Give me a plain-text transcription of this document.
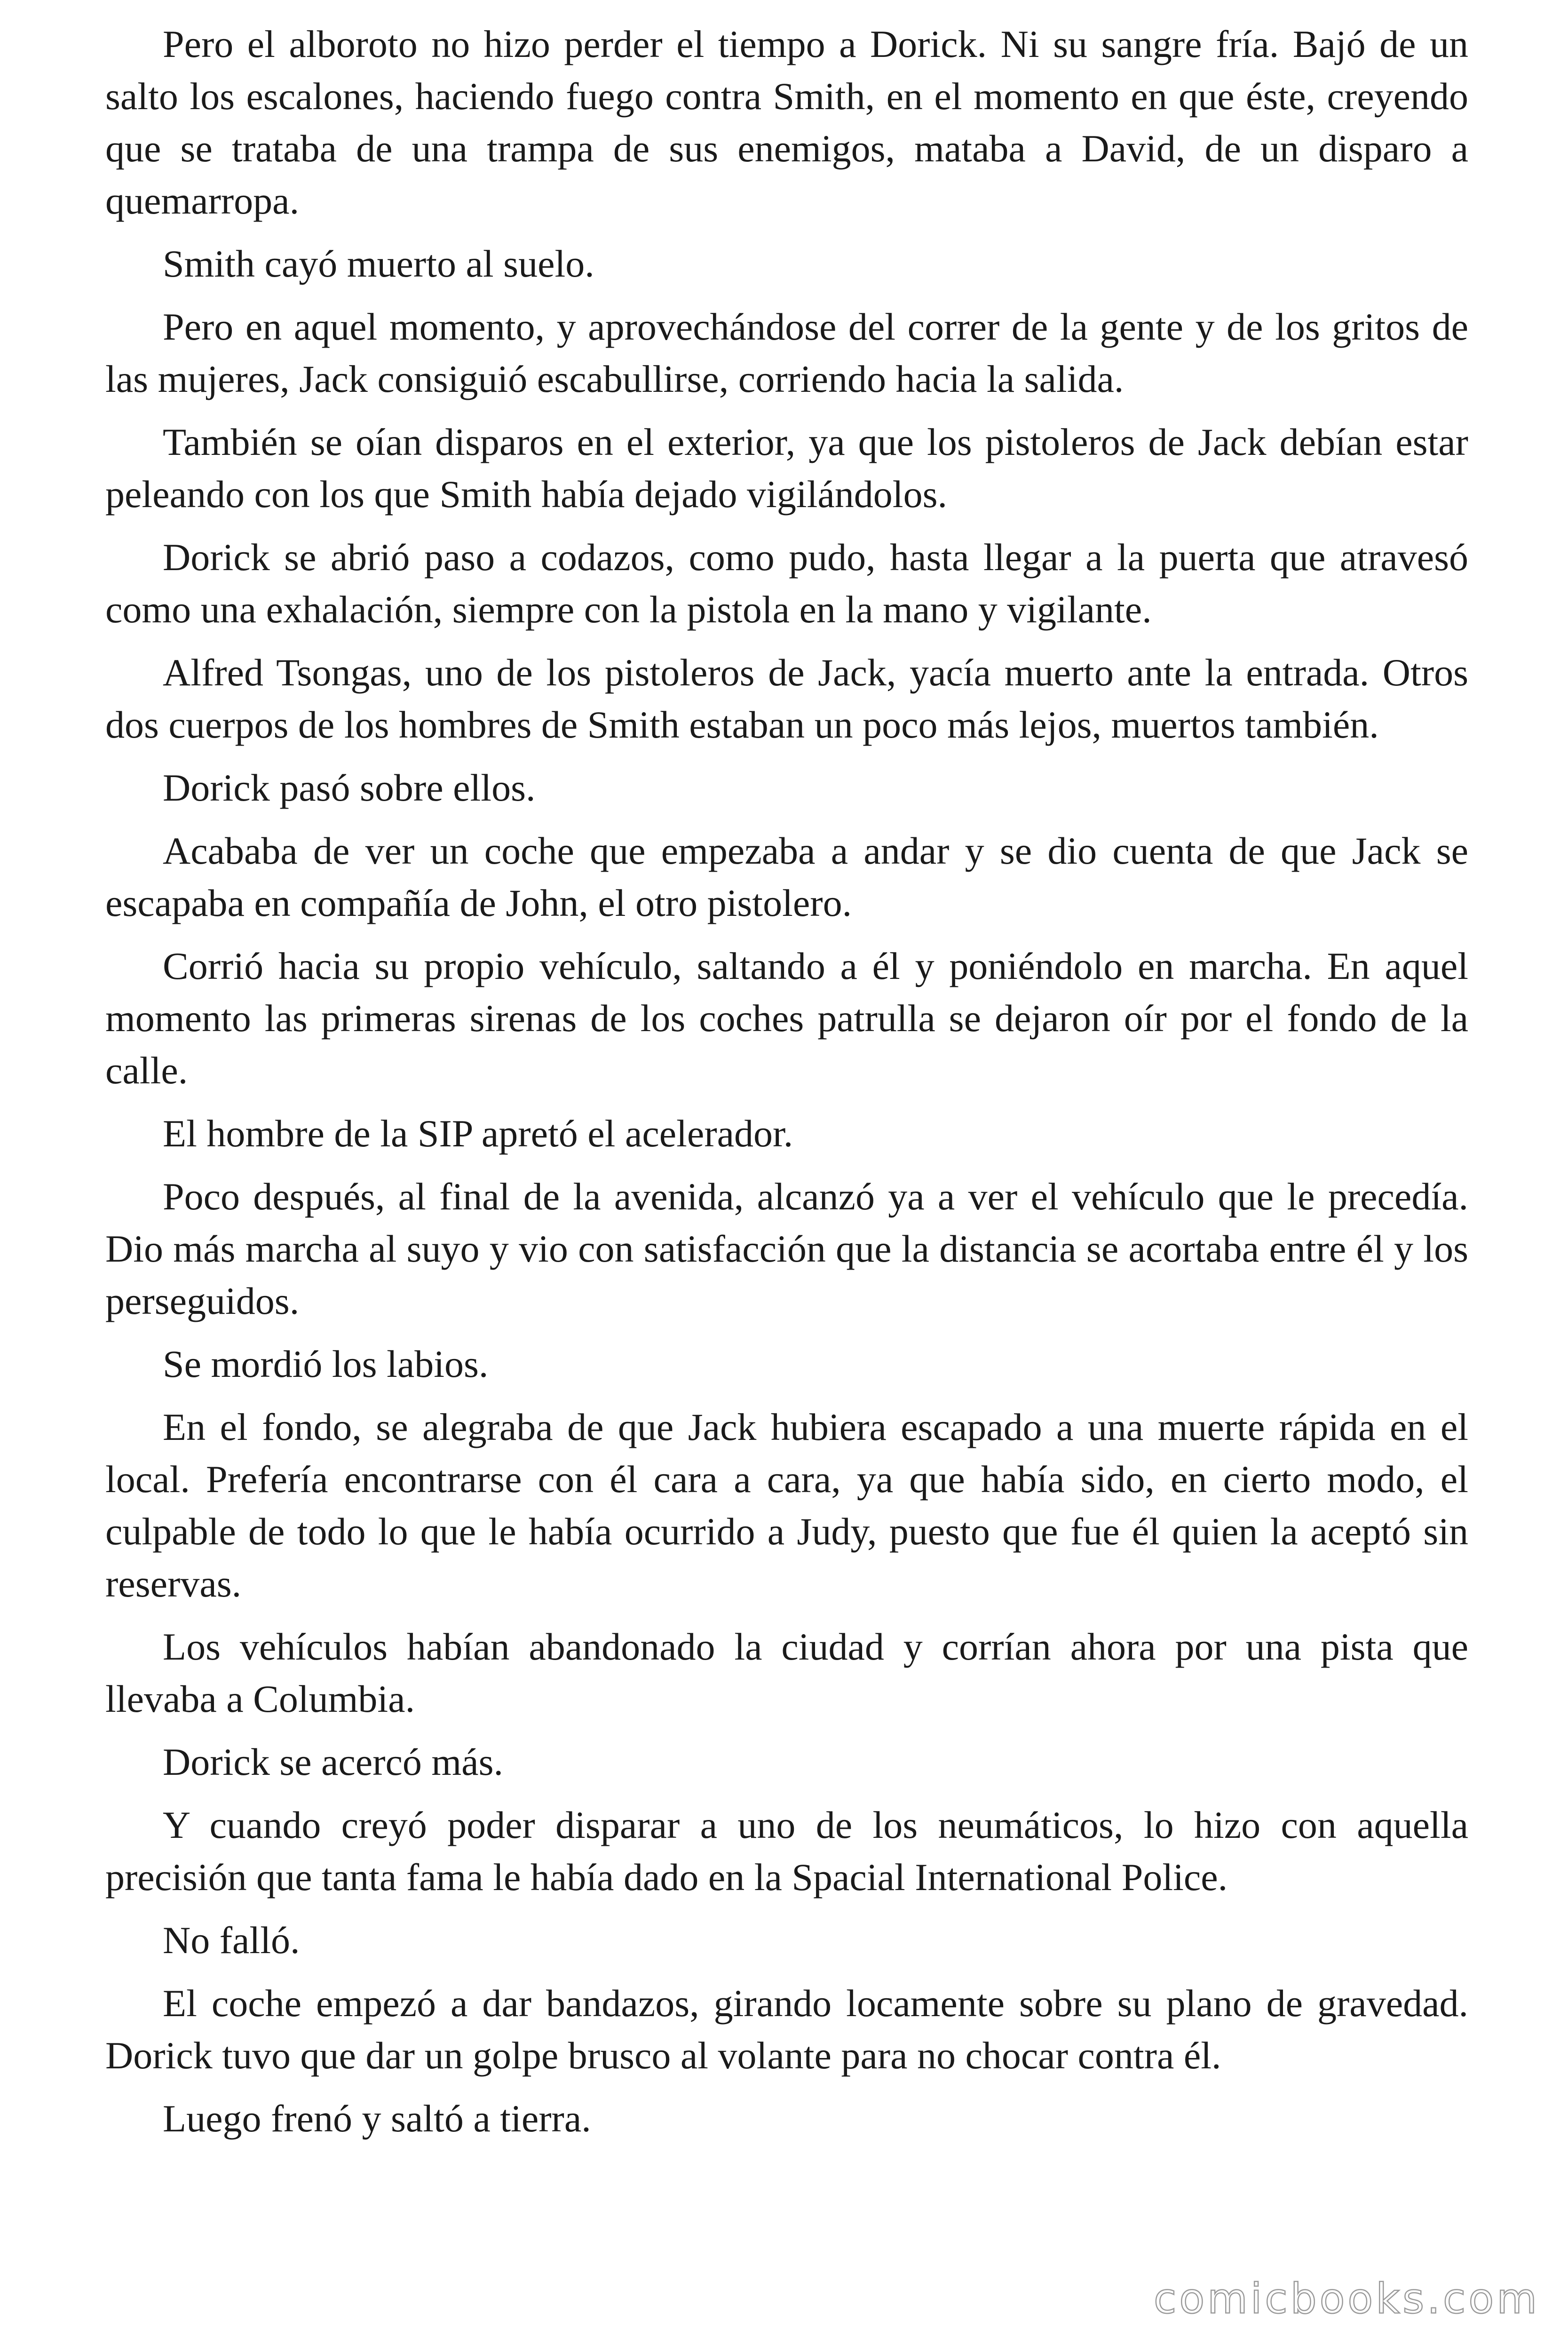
Pero el alboroto no hizo perder el tiempo a Dorick. Ni su sangre fría. Bajó de un salto los escalones, haciendo fuego contra Smith, en el momento en que éste, creyendo que se trataba de una trampa de sus enemigos, mataba a David, de un disparo a quemarropa.

Smith cayó muerto al suelo.

Pero en aquel momento, y aprovechándose del correr de la gente y de los gritos de las mujeres, Jack consiguió escabullirse, corriendo hacia la salida.

También se oían disparos en el exterior, ya que los pistoleros de Jack debían estar peleando con los que Smith había dejado vigilándolos.

Dorick se abrió paso a codazos, como pudo, hasta llegar a la puerta que atravesó como una exhalación, siempre con la pistola en la mano y vigilante.

Alfred Tsongas, uno de los pistoleros de Jack, yacía muerto ante la entrada. Otros dos cuerpos de los hombres de Smith estaban un poco más lejos, muertos también.

Dorick pasó sobre ellos.

Acababa de ver un coche que empezaba a andar y se dio cuenta de que Jack se escapaba en compañía de John, el otro pistolero.

Corrió hacia su propio vehículo, saltando a él y poniéndolo en marcha. En aquel momento las primeras sirenas de los coches patrulla se dejaron oír por el fondo de la calle.

El hombre de la SIP apretó el acelerador.

Poco después, al final de la avenida, alcanzó ya a ver el vehículo que le precedía. Dio más marcha al suyo y vio con satisfacción que la distancia se acortaba entre él y los perseguidos.

Se mordió los labios.

En el fondo, se alegraba de que Jack hubiera escapado a una muerte rápida en el local. Prefería encontrarse con él cara a cara, ya que había sido, en cierto modo, el culpable de todo lo que le había ocurrido a Judy, puesto que fue él quien la aceptó sin reservas.

Los vehículos habían abandonado la ciudad y corrían ahora por una pista que llevaba a Columbia.

Dorick se acercó más.

Y cuando creyó poder disparar a uno de los neumáticos, lo hizo con aquella precisión que tanta fama le había dado en la Spacial International Police.

No falló.

El coche empezó a dar bandazos, girando locamente sobre su plano de gravedad. Dorick tuvo que dar un golpe brusco al volante para no chocar contra él.

Luego frenó y saltó a tierra.

comicbooks.com
